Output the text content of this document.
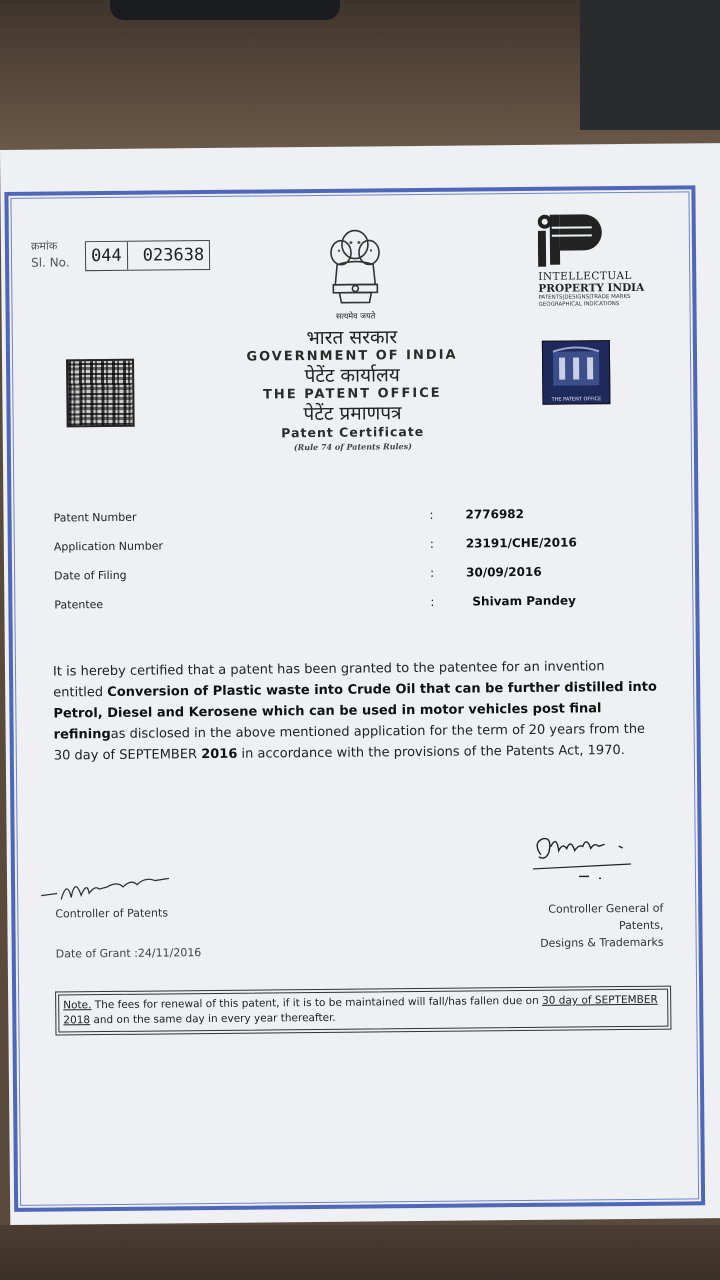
क्रमांक
Sl. No. 044 023638
सत्यमेव जयते
INTELLECTUAL
PROPERTY INDIA
PATENTS|DESIGNS|TRADE MARKS
GEOGRAPHICAL INDICATIONS
THE PATENT OFFICE
भारत सरकार
GOVERNMENT OF INDIA
पेटेंट कार्यालय
THE PATENT OFFICE
पेटेंट प्रमाणपत्र
Patent Certificate
(Rule 74 of Patents Rules)
Patent Number	:	2776982
Application Number	:	23191/CHE/2016
Date of Filing	:	30/09/2016
Patentee	:	Shivam Pandey
It is hereby certified that a patent has been granted to the patentee for an invention entitled Conversion of Plastic waste into Crude Oil that can be further distilled into Petrol, Diesel and Kerosene which can be used in motor vehicles post final refiningas disclosed in the above mentioned application for the term of 20 years from the 30 day of SEPTEMBER 2016 in accordance with the provisions of the Patents Act, 1970.
Controller of Patents	Controller General of Patents,
Designs & Trademarks
Date of Grant :24/11/2016
Note. The fees for renewal of this patent, if it is to be maintained will fall/has fallen due on 30 day of SEPTEMBER 2018 and on the same day in every year thereafter.
